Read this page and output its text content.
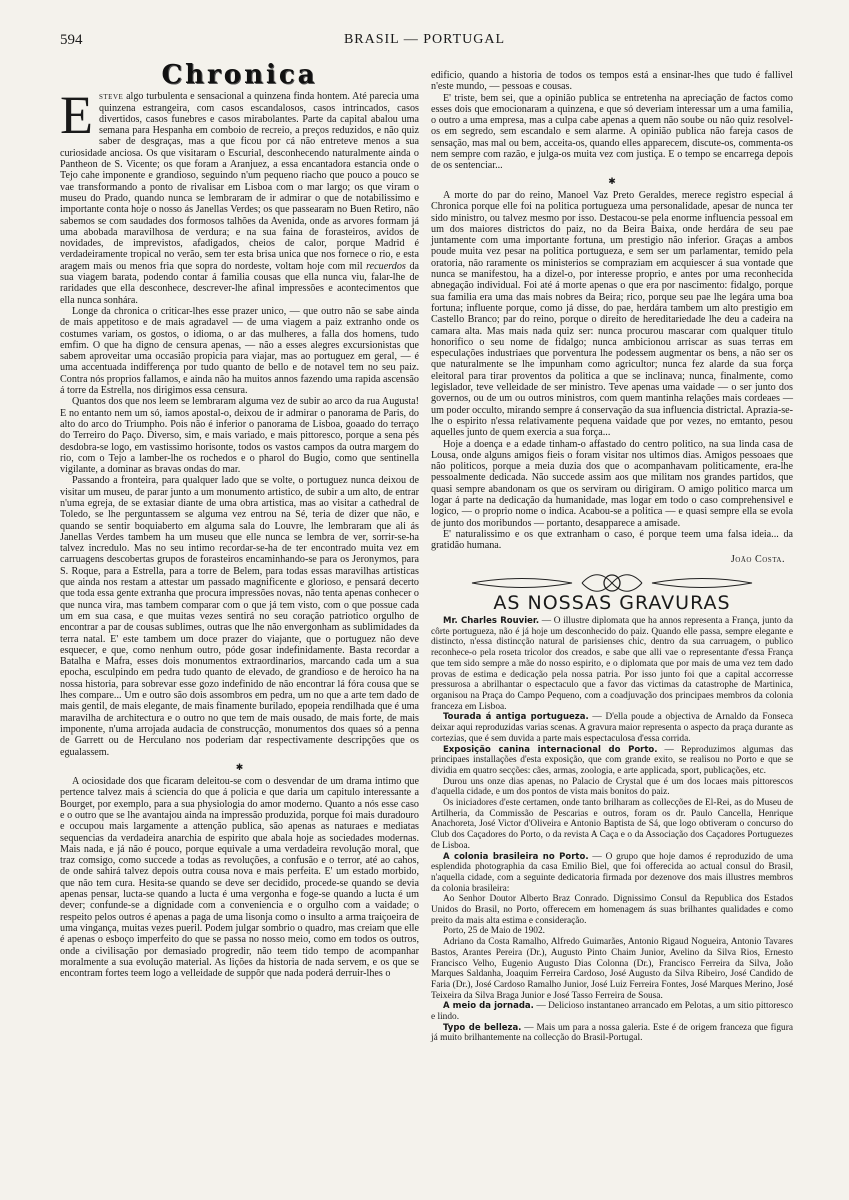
594	BRASIL — PORTUGAL
Chronica

Esteve algo turbulenta e sensacional a quinzena finda hontem. Até parecia uma quinzena estrangeira, com casos escandalosos, casos intrincados, casos divertidos, casos funebres e casos mirabolantes. Parte da capital abalou uma semana para Hespanha em comboio de recreio, a preços reduzidos, e não quiz saber de desgraças, mas a que ficou por cá não entreteve menos a sua curiosidade anciosa. Os que visitaram o Escurial, desconhecendo naturalmente ainda o Pantheon de S. Vicente; os que foram a Aranjuez, a essa encantadora estancia onde o Tejo cahe imponente e grandioso, seguindo n'um pequeno riacho que pouco a pouco se vae transformando a ponto de rivalisar em Lisboa com o mar largo; os que viram o museu do Prado, quando nunca se lembraram de ir admirar o que de notabilissimo e importante conta hoje o nosso ás Janellas Verdes; os que passearam no Buen Retiro, não sabemos se com saudades dos formosos talhões da Avenida, onde as arvores formam já uma abobada maravilhosa de verdura; e na sua faina de forasteiros, avidos de novidades, de imprevistos, afadigados, cheios de calor, porque Madrid é verdadeiramente tropical no verão, sem ter esta brisa unica que nos fornece o rio, e esta aragem mais ou menos fria que sopra do nordeste, voltam hoje com mil recuerdos da sua viagem barata, podendo contar á familia cousas que ella nunca viu, falar-lhe de raridades que ella desconhece, descrever-lhe afinal impressões e acontecimentos que ella nunca sonhára.

Longe da chronica o criticar-lhes esse prazer unico, — que outro não se sabe ainda de mais appetitoso e de mais agradavel — de uma viagem a paiz extranho onde os costumes variam, os gostos, o idioma, o ar das mulheres, a falla dos homens, tudo emfim. O que ha digno de censura apenas, — não a esses alegres excursionistas que sabem aproveitar uma occasião propicia para viajar, mas ao portuguez em geral, — é uma accentuada indifferença por tudo quanto de bello e de notavel tem no seu paiz. Contra nós proprios fallamos, e ainda não ha muitos annos fazendo uma rapida ascensão á torre da Estrella, nos dirigimos essa censura.

Quantos dos que nos leem se lembraram alguma vez de subir ao arco da rua Augusta! E no entanto nem um só, iamos apostal-o, deixou de ir admirar o panorama de Paris, do alto do arco do Triumpho. Pois não é inferior o panorama de Lisboa, goaado do terraço do Terreiro do Paço. Diverso, sim, e mais variado, e mais pittoresco, porque a sena pés desdobra-se logo, em vastissimo horisonte, todos os vastos campos da outra margem do rio, com o Tejo a lamber-lhe os rochedos e o pharol do Bugio, como que sentinella vigilante, a dominar as bravas ondas do mar.

Passando a fronteira, para qualquer lado que se volte, o portuguez nunca deixou de visitar um museu, de parar junto a um monumento artistico, de subir a um alto, de entrar n'uma egreja, de se extasiar diante de uma obra artistica, mas ao visitar a cathedral de Toledo, se lhe perguntassem se alguma vez entrou na Sé, teria de dizer que não, e quando se sentir boquiaberto em alguma sala do Louvre, lhe lembraram que ali ás Janellas Verdes tambem ha um museu que elle nunca se lembra de ver, sorrir-se-ha talvez incredulo. Mas no seu intimo recordar-se-ha de ter encontrado muita vez em carruagens descobertas grupos de forasteiros encaminhando-se para os Jeronymos, para S. Roque, para a Estrella, para a torre de Belem, para todas essas maravilhas artisticas que ainda nos restam a attestar um passado magnificente e glorioso, e pensará decerto que toda essa gente extranha que procura impressões novas, não tenta apenas conhecer o que nunca vira, mas tambem comparar com o que já tem visto, com o que possue cada um em sua casa, e que muitas vezes sentirá no seu coração patriotico orgulho de encontrar a par de cousas sublimes, outras que lhe não envergonham as sublimidades da terra natal. E' este tambem um doce prazer do viajante, que o portuguez não deve esquecer, e que, como nenhum outro, póde gosar indefinidamente. Basta recordar a Batalha e Mafra, esses dois monumentos extraordinarios, marcando cada um a sua epocha, esculpindo em pedra tudo quanto de elevado, de grandioso e de heroico ha na nossa historia, para sobrevar esse gozo indefinido de não encontrar lá fóra cousa que se lhes compare... Um e outro são dois assombros em pedra, um no que a arte tem dado de mais gentil, de mais elegante, de mais finamente burilado, epopeia rendilhada que é uma maravilha de architectura e o outro no que tem de mais ousado, de mais forte, de mais imponente, n'uma arrojada audacia de construcção, monumentos dos quaes só a penna de Garrett ou de Herculano nos poderiam dar respectivamente descripções que os egualassem.

✱

A ociosidade dos que ficaram deleitou-se com o desvendar de um drama intimo que pertence talvez mais á sciencia do que á policia e que daria um capitulo interessante a Bourget, por exemplo, para a sua physiologia do amor moderno. Quanto a nós esse caso e o outro que se lhe avantajou ainda na impressão produzida, porque foi mais duradouro e occupou mais largamente a attenção publica, são apenas as naturaes e mediatas sequencias da verdadeira anarchia de espirito que abala hoje as sociedades modernas. Mais nada, e já não é pouco, porque equivale a uma verdadeira revolução moral, que traz comsigo, como succede a todas as revoluções, a confusão e o terror, até ao cahos, de onde sahirá talvez depois outra cousa nova e mais perfeita. E' um estado morbido, que não tem cura. Hesita-se quando se deve ser decidido, procede-se quando se devia apenas pensar, lucta-se quando a lucta é uma vergonha e foge-se quando a lucta é um dever; confunde-se a dignidade com a conveniencia e o orgulho com a vaidade; o respeito pelos outros é apenas a paga de uma lisonja como o insulto a arma traiçoeira de uma vingança, muitas vezes pueril. Podem julgar sombrio o quadro, mas creiam que elle é apenas o esboço imperfeito do que se passa no nosso meio, como em todos os outros, onde a civilisação por demasiado progredir, não teem tido tempo de acompanhar moralmente a sua evolução material. As lições da historia de nada servem, e os que se encontram fortes teem logo a velleidade de suppôr que nada poderá derruir-lhes o

edificio, quando a historia de todos os tempos está a ensinar-lhes que tudo é fallivel n'este mundo, — pessoas e cousas.

E' triste, bem sei, que a opinião publica se entretenha na apreciação de factos como esses dois que emocionaram a quinzena, e que só deveriam interessar um a uma familia, o outro a uma empresa, mas a culpa cabe apenas a quem não soube ou não quiz resolvel-os em segredo, sem escandalo e sem alarme. A opinião publica não fareja casos de sensação, mas mal ou bem, acceita-os, quando elles apparecem, discute-os, commenta-os nem sempre com razão, e julga-os muita vez com justiça. E o tempo se encarrega depois de os sentenciar...

✱

A morte do par do reino, Manoel Vaz Preto Geraldes, merece registro especial á Chronica porque elle foi na politica portugueza uma personalidade, apesar de nunca ter sido ministro, ou talvez mesmo por isso. Destacou-se pela enorme influencia pessoal em um dos maiores districtos do paiz, no da Beira Baixa, onde herdára de seu pae juntamente com uma importante fortuna, um prestigio não inferior. Graças a ambos poude muita vez pesar na politica portugueza, e sem ser um parlamentar, temido pela oratoria, não raramente os ministerios se compraziam em acquiescer á sua vontade que nunca se manifestou, ha a dizel-o, por interesse proprio, e antes por uma reconhecida abnegação individual. Foi até á morte apenas o que era por nascimento: fidalgo, porque sua familia era uma das mais nobres da Beira; rico, porque seu pae lhe legára uma boa fortuna; influente porque, como já disse, do pae, herdára tambem um alto prestigio em Castello Branco; par do reino, porque o direito de hereditariedade lhe deu a cadeira na camara alta. Mas mais nada quiz ser: nunca procurou mascarar com qualquer titulo honorifico o seu nome de fidalgo; nunca ambicionou arriscar as suas terras em especulações industriaes que porventura lhe podessem augmentar os bens, a não ser os que naturalmente se lhe impunham como agricultor; nunca fez alarde da sua força eleitoral para tirar proventos da politica a que se inclinava; nunca, finalmente, como legislador, teve velleidade de ser ministro. Teve apenas uma vaidade — o ser junto dos governos, ou de um ou outros ministros, com quem mantinha relações mais cordeaes — um poder occulto, mirando sempre á conservação da sua influencia districtal. Aprazia-se-lhe o espirito n'essa relativamente pequena vaidade que por vezes, no emtanto, pesou aquelles junto de quem exercia a sua força...

Hoje a doença e a edade tinham-o affastado do centro politico, na sua linda casa de Lousa, onde alguns amigos fieis o foram visitar nos ultimos dias. Amigos pessoaes que não politicos, porque a meia duzia dos que o acompanhavam politicamente, era-lhe pessoalmente dedicada. Não succede assim aos que militam nos grandes partidos, que quasi sempre abandonam os que os serviram ou dirigiram. O amigo politico marca um logar á parte na dedicação da humanidade, mas logar em todo o caso comprehensivel e logico, — o proprio nome o indica. Acabou-se a politica — e quasi sempre ella se evola de junto dos moribundos — portanto, desapparece a amisade.

E' naturalissimo e os que extranham o caso, é porque teem uma falsa ideia... da gratidão humana.

João Costa.
AS NOSSAS GRAVURAS

Mr. Charles Rouvier. — O illustre diplomata que ha annos representa a França, junto da côrte portugueza, não é já hoje um desconhecido do paiz. Quando elle passa, sempre elegante e distincto, n'essa distincção natural de parisienses chic, dentro da sua carruagem, o publico reconhece-o pela roseta tricolor dos creados, e sabe que alli vae o representante d'essa França que tem sido sempre a mãe do nosso espirito, e o diplomata que por mais de uma vez tem dado provas de estima e dedicação pela nossa patria. Por isso junto foi que a capital accorresse pressurosa a abrilhantar o espectaculo que a favor das victimas da catastrophe de Martinica, organisou na Praça do Campo Pequeno, com a coadjuvação dos principaes membros da colonia franceza em Lisboa.

Tourada á antiga portugueza. — D'ella poude a objectiva de Arnaldo da Fonseca deixar aqui reproduzidas varias scenas. A gravura maior representa o aspecto da praça durante as cortezias, que é sem duvida a parte mais espectaculosa d'essa corrida.

Exposição canina internacional do Porto. — Reproduzimos algumas das principaes installações d'esta exposição, que com grande exito, se realisou no Porto e que se dividia em quatro secções: cães, armas, zoologia, e arte applicada, sport, publicações, etc.

Durou uns onze dias apenas, no Palacio de Crystal que é um dos locaes mais pittorescos d'aquella cidade, e um dos pontos de vista mais bonitos do paiz.

Os iniciadores d'este certamen, onde tanto brilharam as collecções de El-Rei, as do Museu de Artilheria, da Commissão de Pescarias e outros, foram os dr. Paulo Cancella, Henrique Anachoreta, José Victor d'Oliveira e Antonio Baptista de Sá, que logo obtiveram o concurso do Club dos Caçadores do Porto, o da revista A Caça e o da Associação dos Caçadores Portuguezes de Lisboa.

A colonia brasileira no Porto. — O grupo que hoje damos é reproduzido de uma esplendida photographia da casa Emilio Biel, que foi offerecida ao actual consul do Brasil, n'aquella cidade, com a seguinte dedicatoria firmada por dezenove dos mais illustres membros da colonia brasileira:

Ao Senhor Doutor Alberto Braz Conrado. Dignissimo Consul da Republica dos Estados Unidos do Brasil, no Porto, offerecem em homenagem ás suas brilhantes qualidades e como preito da mais alta estima e consideração.

Porto, 25 de Maio de 1902.

Adriano da Costa Ramalho, Alfredo Guimarães, Antonio Rigaud Nogueira, Antonio Tavares Bastos, Arantes Pereira (Dr.), Augusto Pinto Chaim Junior, Avelino da Silva Rios, Ernesto Francisco Velho, Eugenio Augusto Dias Colonna (Dr.), Francisco Ferreira da Silva, João Marques Saldanha, Joaquim Ferreira Cardoso, José Augusto da Silva Ribeiro, José Candido de Faria (Dr.), José Cardoso Ramalho Junior, José Luiz Ferreira Fontes, José Marques Merino, José Teixeira da Silva Braga Junior e José Tasso Ferreira de Sousa.

A meio da jornada. — Delicioso instantaneo arrancado em Pelotas, a um sitio pittoresco e lindo.

Typo de belleza. — Mais um para a nossa galeria. Este é de origem franceza que figura já muito brilhantemente na collecção do Brasil-Portugal.
